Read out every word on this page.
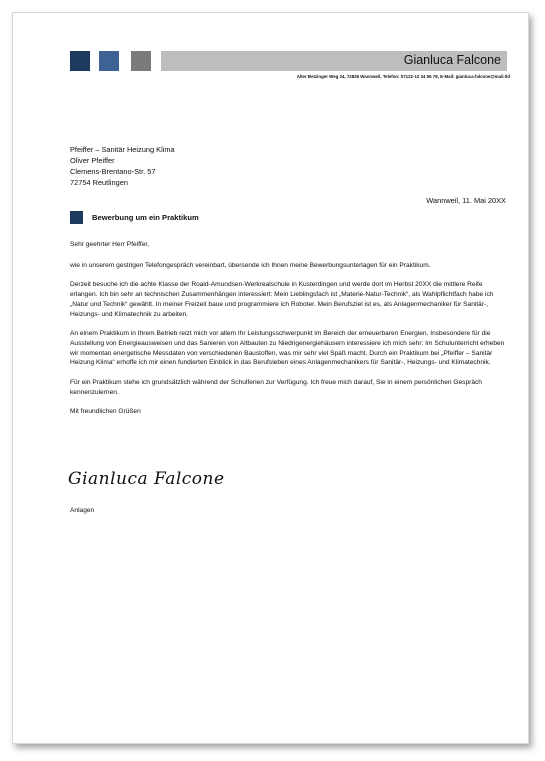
Gianluca Falcone
Alter Betzinger Weg 34, 72826 Wannweil, Telefon: 07122-12 34 56 78, E-Mail: gianluca-falcone@mail.tld
Pfeiffer – Sanitär Heizung Klima
Oliver Pfeiffer
Clemens-Brentano-Str. 57
72754 Reutlingen
Wannweil, 11. Mai 20XX
Bewerbung um ein Praktikum

Sehr geehrter Herr Pfeiffer,

wie in unserem gestrigen Telefongespräch vereinbart, übersende ich Ihnen meine Bewerbungsunterlagen für ein Praktikum.

Derzeit besuche ich die achte Klasse der Roald-Amundsen-Werkrealschule in Kusterdingen und werde dort im Herbst 20XX die mittlere Reife erlangen. Ich bin sehr an technischen Zusammenhängen interessiert: Mein Lieblingsfach ist „Materie-Natur-Technik“, als Wahlpflichtfach habe ich „Natur und Technik“ gewählt. In meiner Freizeit baue und programmiere ich Roboter. Mein Berufsziel ist es, als Anlagenmechaniker für Sanitär-, Heizungs- und Klimatechnik zu arbeiten.

An einem Praktikum in Ihrem Betrieb reizt mich vor allem Ihr Leistungsschwerpunkt im Bereich der erneuerbaren Energien. Insbesondere für die Ausstellung von Energieausweisen und das Sanieren von Altbauten zu Niedrigenergiehäusern interessiere ich mich sehr: Im Schulunterricht erheben wir momentan energetische Messdaten von verschiedenen Baustoffen, was mir sehr viel Spaß macht. Durch ein Praktikum bei „Pfeiffer – Sanitär Heizung Klima“ erhoffe ich mir einen fundierten Einblick in das Berufsleben eines Anlagenmechanikers für Sanitär-, Heizungs- und Klimatechnik.

Für ein Praktikum stehe ich grundsätzlich während der Schulferien zur Verfügung. Ich freue mich darauf, Sie in einem persönlichen Gespräch kennenzulernen.

Mit freundlichen Grüßen

Gianluca Falcone
Anlagen
